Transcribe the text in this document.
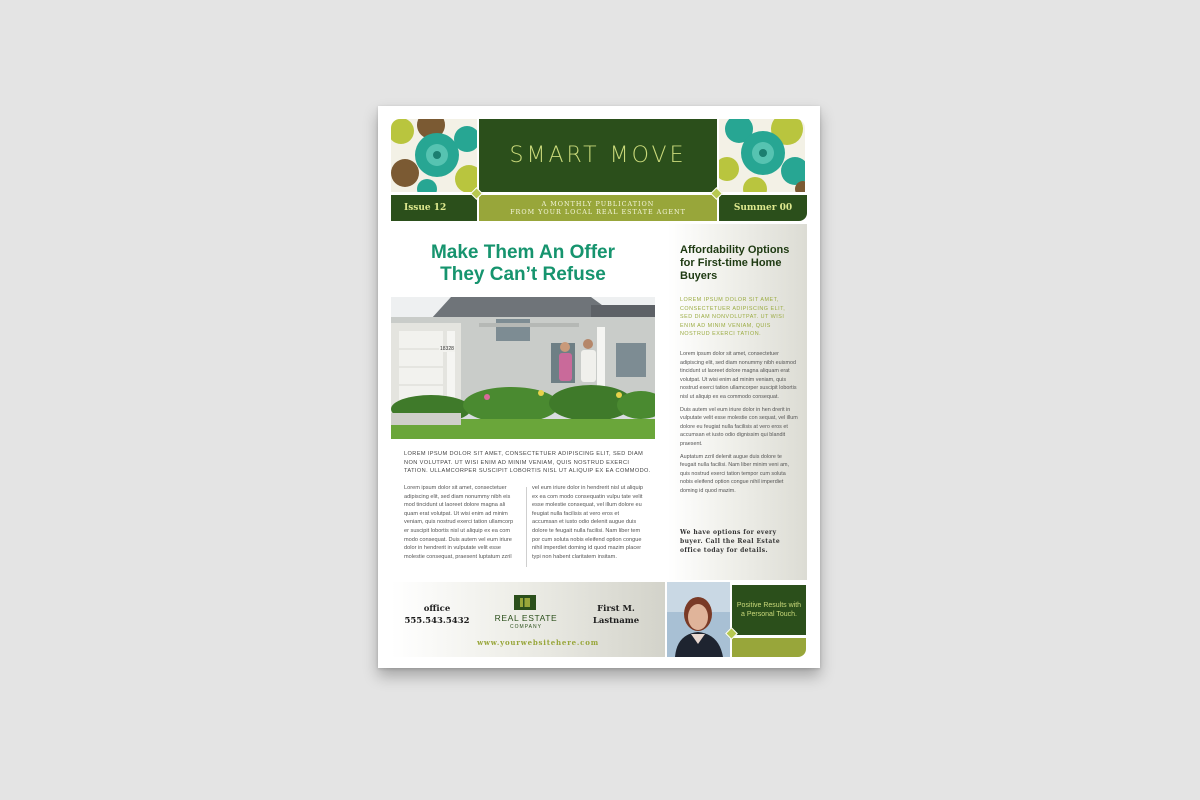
SMART MOVE
Issue 12	A MONTHLY PUBLICATION
FROM YOUR LOCAL REAL ESTATE AGENT	Summer 00
Make Them An Offer
They Can’t Refuse
18328
LOREM IPSUM DOLOR SIT AMET, CONSECTETUER ADIPISCING ELIT, SED DIAM NON VOLUTPAT. UT WISI ENIM AD MINIM VENIAM, QUIS NOSTRUD EXERCI TATION. ULLAMCORPER SUSCIPIT LOBORTIS NISL UT ALIQUIP EX EA COMMODO.
Lorem ipsum dolor sit amet, consectetuer adipiscing elit, sed diam nonummy nibh eis mod tincidunt ut laoreet dolore magna ali quam erat volutpat. Ut wisi enim ad minim veniam, quis nostrud exerci tation ullamcorp er suscipit lobortis nisl ut aliquip ex ea com modo consequat. Duis autem vel eum iriure dolor in hendrerit in vulputate velit esse molestie consequat, praesent luptatum zzril
vel eum iriure dolor in hendrerit nisl ut aliquip ex ea com modo consequatin vulpu tate velit esse molestie consequat, vel illum dolore eu feugiat nulla facilisis at vero eros et accumsan et iusto odio delenit augue duis dolore te feugait nulla facilisi. Nam liber tem por cum soluta nobis eleifend option congue nihil imperdiet doming id quod mazim placer typi non habent claritatem insitam.
Affordability Options for First-time Home Buyers
LOREM IPSUM DOLOR SIT AMET, CONSECTETUER ADIPISCING ELIT, SED DIAM NONVOLUTPAT. UT WISI ENIM AD MINIM VENIAM, QUIS NOSTRUD EXERCI TATION.

Lorem ipsum dolor sit amet, consectetuer adipiscing elit, sed diam nonummy nibh euismod tincidunt ut laoreet dolore magna aliquam erat volutpat. Ut wisi enim ad minim veniam, quis nostrud exerci tation ullamcorper suscipit lobortis nisl ut aliquip ex ea commodo consequat.

Duis autem vel eum iriure dolor in hen drerit in vulputate velit esse molestie con sequat, vel illum dolore eu feugiat nulla facilisis at vero eros et accumsan et iusto odio dignissim qui blandit praesent.

Auptatum zzril delenit augue duis dolore te feugait nulla facilisi. Nam liber minim veni am, quis nostrud exerci tation tempor cum soluta nobis eleifend option congue nihil imperdiet doming id quod mazim.

We have options for every buyer. Call the Real Estate office today for details.
office
555.543.5432	REAL ESTATE
COMPANY
First M.
Lastname
www.yourwebsitehere.com
Positive Results with a Personal Touch.
